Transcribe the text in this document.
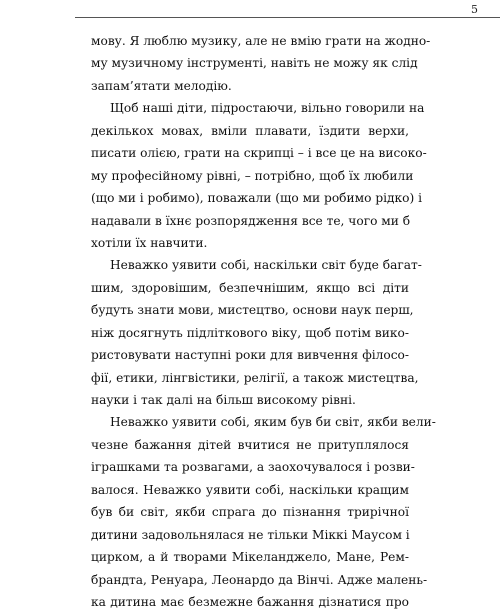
5
мову. Я люблю музику, але не вмію грати на жодно-
му музичному інструменті, навіть не можу як слід
запам’ятати мелодію.
Щоб наші діти, підростаючи, вільно говорили на
декількох мовах, вміли плавати, їздити верхи,
писати олією, грати на скрипці – і все це на високо-
му професійному рівні, – потрібно, щоб їх любили
(що ми і робимо), поважали (що ми робимо рідко) і
надавали в їхнє розпорядження все те, чого ми б
хотіли їх навчити.
Неважко уявити собі, наскільки світ буде багат-
шим, здоровішим, безпечнішим, якщо всі діти
будуть знати мови, мистецтво, основи наук перш,
ніж досягнуть підліткового віку, щоб потім вико-
ристовувати наступні роки для вивчення філосо-
фії, етики, лінгвістики, релігії, а також мистецтва,
науки і так далі на більш високому рівні.
Неважко уявити собі, яким був би світ, якби вели-
чезне бажання дітей вчитися не притуплялося
іграшками та розвагами, а заохочувалося і розви-
валося. Неважко уявити собі, наскільки кращим
був би світ, якби спрага до пізнання трирічної
дитини задовольнялася не тільки Міккі Маусом і
цирком, а й творами Мікеланджело, Мане, Рем-
брандта, Ренуара, Леонардо да Вінчі. Адже малень-
ка дитина має безмежне бажання дізнатися про
